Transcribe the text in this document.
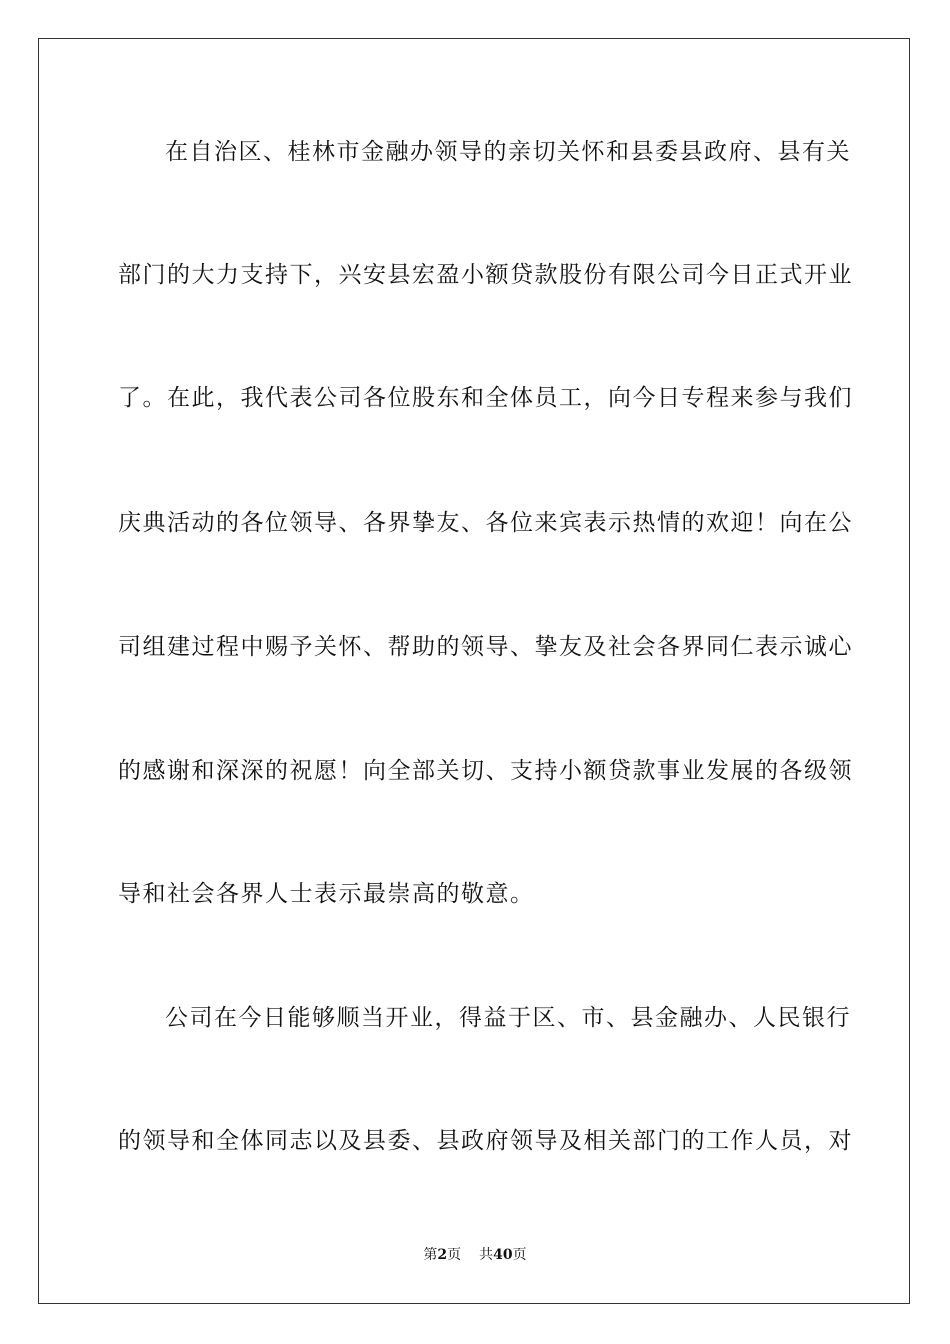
在自治区、桂林市金融办领导的亲切关怀和县委县政府、县有关
部门的大力支持下，兴安县宏盈小额贷款股份有限公司今日正式开业
了。在此，我代表公司各位股东和全体员工，向今日专程来参与我们
庆典活动的各位领导、各界挚友、各位来宾表示热情的欢迎！向在公
司组建过程中赐予关怀、帮助的领导、挚友及社会各界同仁表示诚心
的感谢和深深的祝愿！向全部关切、支持小额贷款事业发展的各级领
导和社会各界人士表示最崇高的敬意。
公司在今日能够顺当开业，得益于区、市、县金融办、人民银行
的领导和全体同志以及县委、县政府领导及相关部门的工作人员，对
第2页 共40页
